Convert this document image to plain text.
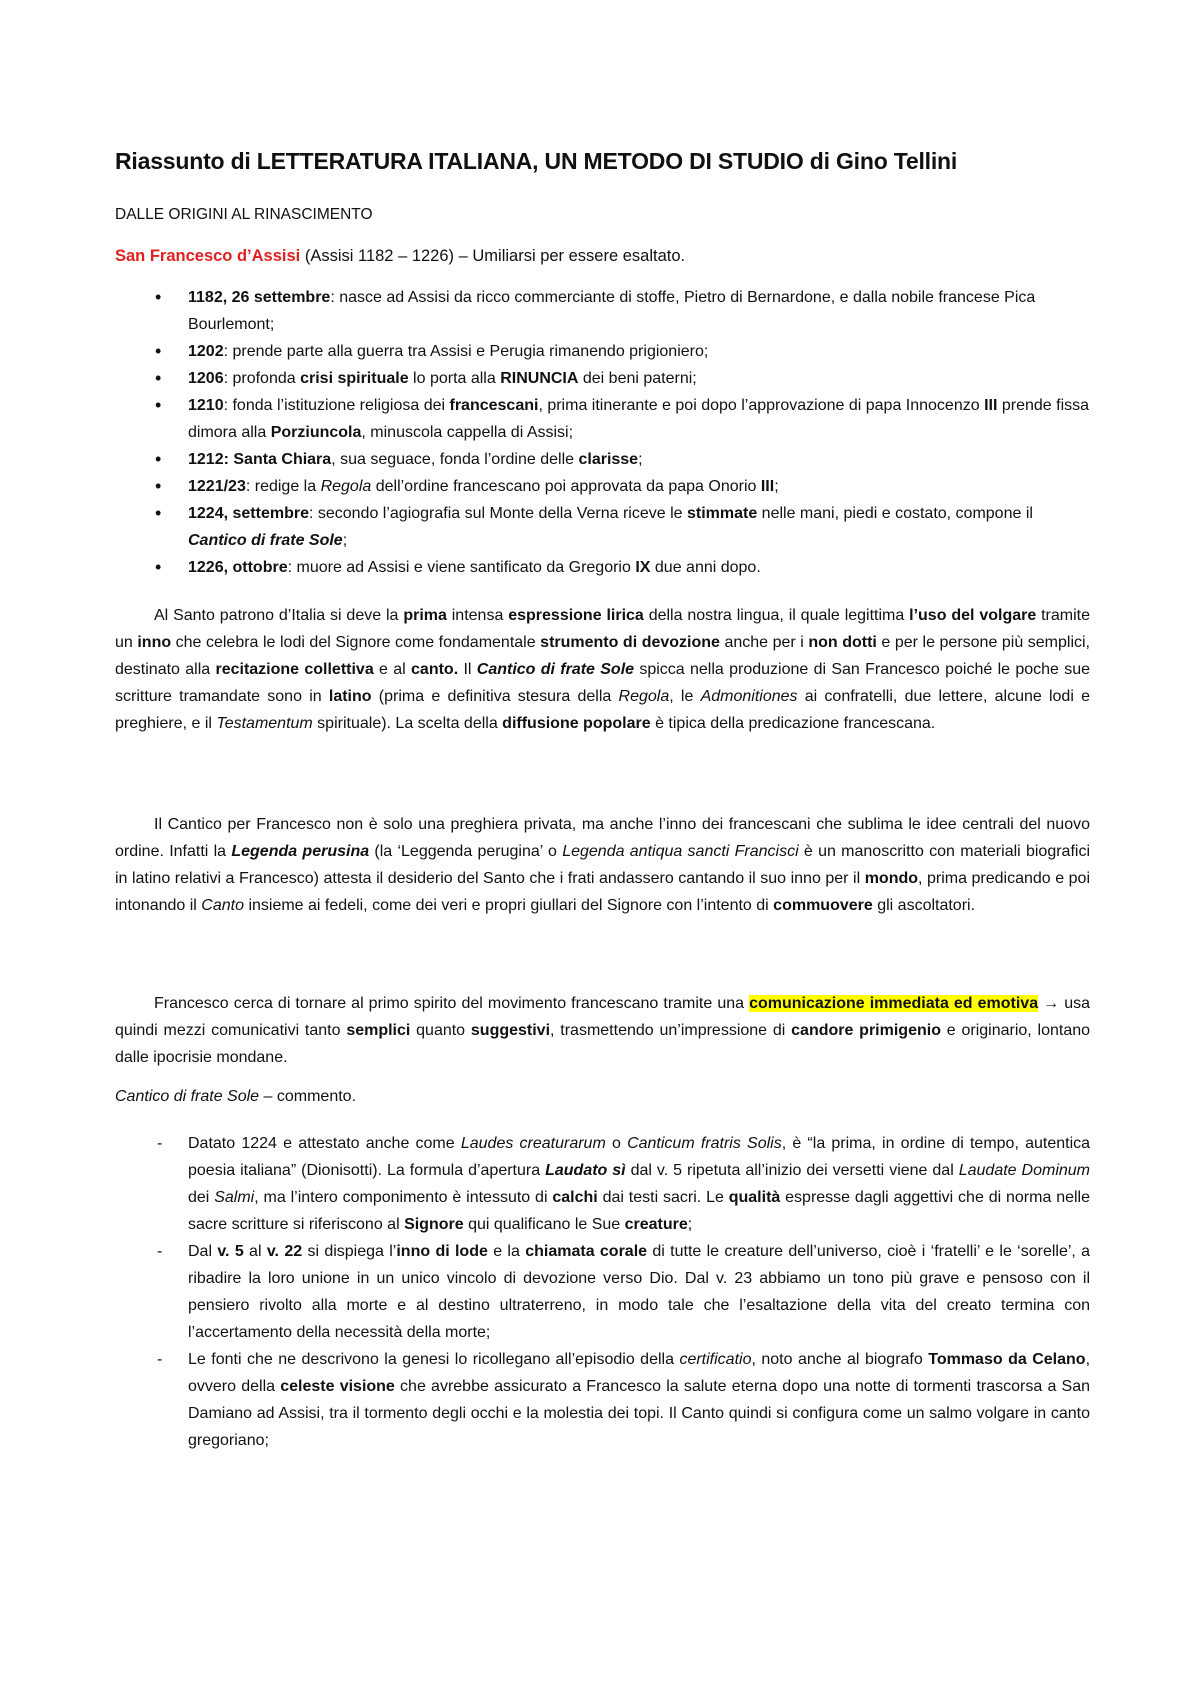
Riassunto di LETTERATURA ITALIANA, UN METODO DI STUDIO di Gino Tellini
DALLE ORIGINI AL RINASCIMENTO
San Francesco d’Assisi (Assisi 1182 – 1226) – Umiliarsi per essere esaltato.
• 1182, 26 settembre: nasce ad Assisi da ricco commerciante di stoffe, Pietro di Bernardone, e dalla nobile francese Pica Bourlemont;
• 1202: prende parte alla guerra tra Assisi e Perugia rimanendo prigioniero;
• 1206: profonda crisi spirituale lo porta alla RINUNCIA dei beni paterni;
• 1210: fonda l’istituzione religiosa dei francescani, prima itinerante e poi dopo l’approvazione di papa Innocenzo III prende fissa dimora alla Porziuncola, minuscola cappella di Assisi;
• 1212: Santa Chiara, sua seguace, fonda l’ordine delle clarisse;
• 1221/23: redige la Regola dell’ordine francescano poi approvata da papa Onorio III;
• 1224, settembre: secondo l’agiografia sul Monte della Verna riceve le stimmate nelle mani, piedi e costato, compone il Cantico di frate Sole;
• 1226, ottobre: muore ad Assisi e viene santificato da Gregorio IX due anni dopo.

Al Santo patrono d’Italia si deve la prima intensa espressione lirica della nostra lingua, il quale legittima l’uso del volgare tramite un inno che celebra le lodi del Signore come fondamentale strumento di devozione anche per i non dotti e per le persone più semplici, destinato alla recitazione collettiva e al canto. Il Cantico di frate Sole spicca nella produzione di San Francesco poiché le poche sue scritture tramandate sono in latino (prima e definitiva stesura della Regola, le Admonitiones ai confratelli, due lettere, alcune lodi e preghiere, e il Testamentum spirituale). La scelta della diffusione popolare è tipica della predicazione francescana.

Il Cantico per Francesco non è solo una preghiera privata, ma anche l’inno dei francescani che sublima le idee centrali del nuovo ordine. Infatti la Legenda perusina (la ‘Leggenda perugina’ o Legenda antiqua sancti Francisci è un manoscritto con materiali biografici in latino relativi a Francesco) attesta il desiderio del Santo che i frati andassero cantando il suo inno per il mondo, prima predicando e poi intonando il Canto insieme ai fedeli, come dei veri e propri giullari del Signore con l’intento di commuovere gli ascoltatori.

Francesco cerca di tornare al primo spirito del movimento francescano tramite una comunicazione immediata ed emotiva → usa quindi mezzi comunicativi tanto semplici quanto suggestivi, trasmettendo un’impressione di candore primigenio e originario, lontano dalle ipocrisie mondane.

Cantico di frate Sole – commento.
- Datato 1224 e attestato anche come Laudes creaturarum o Canticum fratris Solis, è “la prima, in ordine di tempo, autentica poesia italiana” (Dionisotti). La formula d’apertura Laudato sì dal v. 5 ripetuta all’inizio dei versetti viene dal Laudate Dominum dei Salmi, ma l’intero componimento è intessuto di calchi dai testi sacri. Le qualità espresse dagli aggettivi che di norma nelle sacre scritture si riferiscono al Signore qui qualificano le Sue creature;
- Dal v. 5 al v. 22 si dispiega l’inno di lode e la chiamata corale di tutte le creature dell’universo, cioè i ‘fratelli’ e le ‘sorelle’, a ribadire la loro unione in un unico vincolo di devozione verso Dio. Dal v. 23 abbiamo un tono più grave e pensoso con il pensiero rivolto alla morte e al destino ultraterreno, in modo tale che l’esaltazione della vita del creato termina con l’accertamento della necessità della morte;
- Le fonti che ne descrivono la genesi lo ricollegano all’episodio della certificatio, noto anche al biografo Tommaso da Celano, ovvero della celeste visione che avrebbe assicurato a Francesco la salute eterna dopo una notte di tormenti trascorsa a San Damiano ad Assisi, tra il tormento degli occhi e la molestia dei topi. Il Canto quindi si configura come un salmo volgare in canto gregoriano;
